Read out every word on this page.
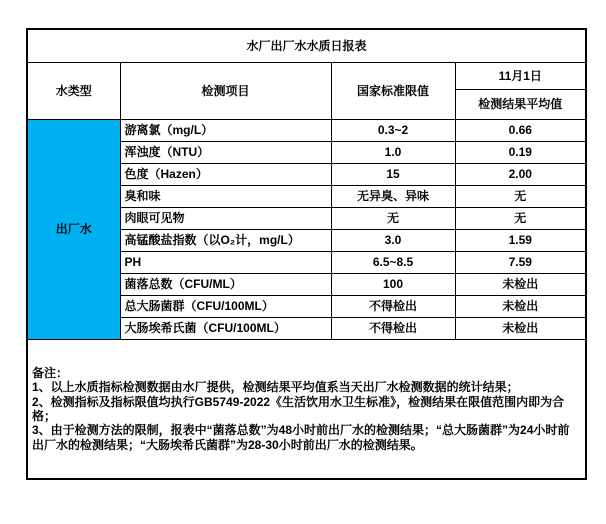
水厂出厂水水质日报表			
水类型	检测项目	国家标准限值	11月1日
			检测结果平均值
出厂水	游离氯（mg/L）	0.3~2	0.66
	浑浊度（NTU）	1.0	0.19
	色度（Hazen）	15	2.00
	臭和味	无异臭、异味	无
	肉眼可见物	无	无
	高锰酸盐指数（以O₂计，mg/L）	3.0	1.59
	PH	6.5~8.5	7.59
	菌落总数（CFU/ML）	100	未检出
	总大肠菌群（CFU/100ML）	不得检出	未检出
	大肠埃希氏菌（CFU/100ML）	不得检出	未检出

备注：

1、以上水质指标检测数据由水厂提供，检测结果平均值系当天出厂水检测数据的统计结果；

2、检测指标及指标限值均执行GB5749-2022《生活饮用水卫生标准》，检测结果在限值范围内即为合格；

3、由于检测方法的限制，报表中“菌落总数”为48小时前出厂水的检测结果；“总大肠菌群”为24小时前出厂水的检测结果；“大肠埃希氏菌群”为28-30小时前出厂水的检测结果。			
